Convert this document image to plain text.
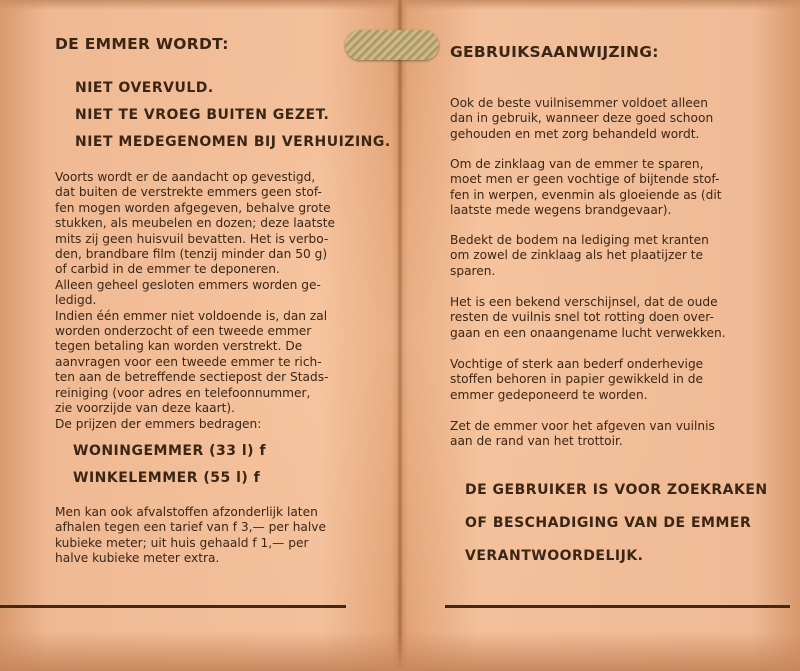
DE EMMER WORDT:
NIET OVERVULD.
NIET TE VROEG BUITEN GEZET.
NIET MEDEGENOMEN BIJ VERHUIZING.
Voorts wordt er de aandacht op gevestigd,
dat buiten de verstrekte emmers geen stof-
fen mogen worden afgegeven, behalve grote
stukken, als meubelen en dozen; deze laatste
mits zij geen huisvuil bevatten. Het is verbo-
den, brandbare film (tenzij minder dan 50 g)
of carbid in de emmer te deponeren.
Alleen geheel gesloten emmers worden ge-
ledigd.
Indien één emmer niet voldoende is, dan zal
worden onderzocht of een tweede emmer
tegen betaling kan worden verstrekt. De
aanvragen voor een tweede emmer te rich-
ten aan de betreffende sectiepost der Stads-
reiniging (voor adres en telefoonnummer,
zie voorzijde van deze kaart).
De prijzen der emmers bedragen:
WONINGEMMER (33 l) f
WINKELEMMER (55 l) f
Men kan ook afvalstoffen afzonderlijk laten
afhalen tegen een tarief van f 3,— per halve
kubieke meter; uit huis gehaald f 1,— per
halve kubieke meter extra.
GEBRUIKSAANWIJZING:
Ook de beste vuilnisemmer voldoet alleen
dan in gebruik, wanneer deze goed schoon
gehouden en met zorg behandeld wordt.
Om de zinklaag van de emmer te sparen,
moet men er geen vochtige of bijtende stof-
fen in werpen, evenmin als gloeiende as (dit
laatste mede wegens brandgevaar).
Bedekt de bodem na lediging met kranten
om zowel de zinklaag als het plaatijzer te
sparen.
Het is een bekend verschijnsel, dat de oude
resten de vuilnis snel tot rotting doen over-
gaan en een onaangename lucht verwekken.
Vochtige of sterk aan bederf onderhevige
stoffen behoren in papier gewikkeld in de
emmer gedeponeerd te worden.
Zet de emmer voor het afgeven van vuilnis
aan de rand van het trottoir.
DE GEBRUIKER IS VOOR ZOEKRAKEN
OF BESCHADIGING VAN DE EMMER
VERANTWOORDELIJK.
